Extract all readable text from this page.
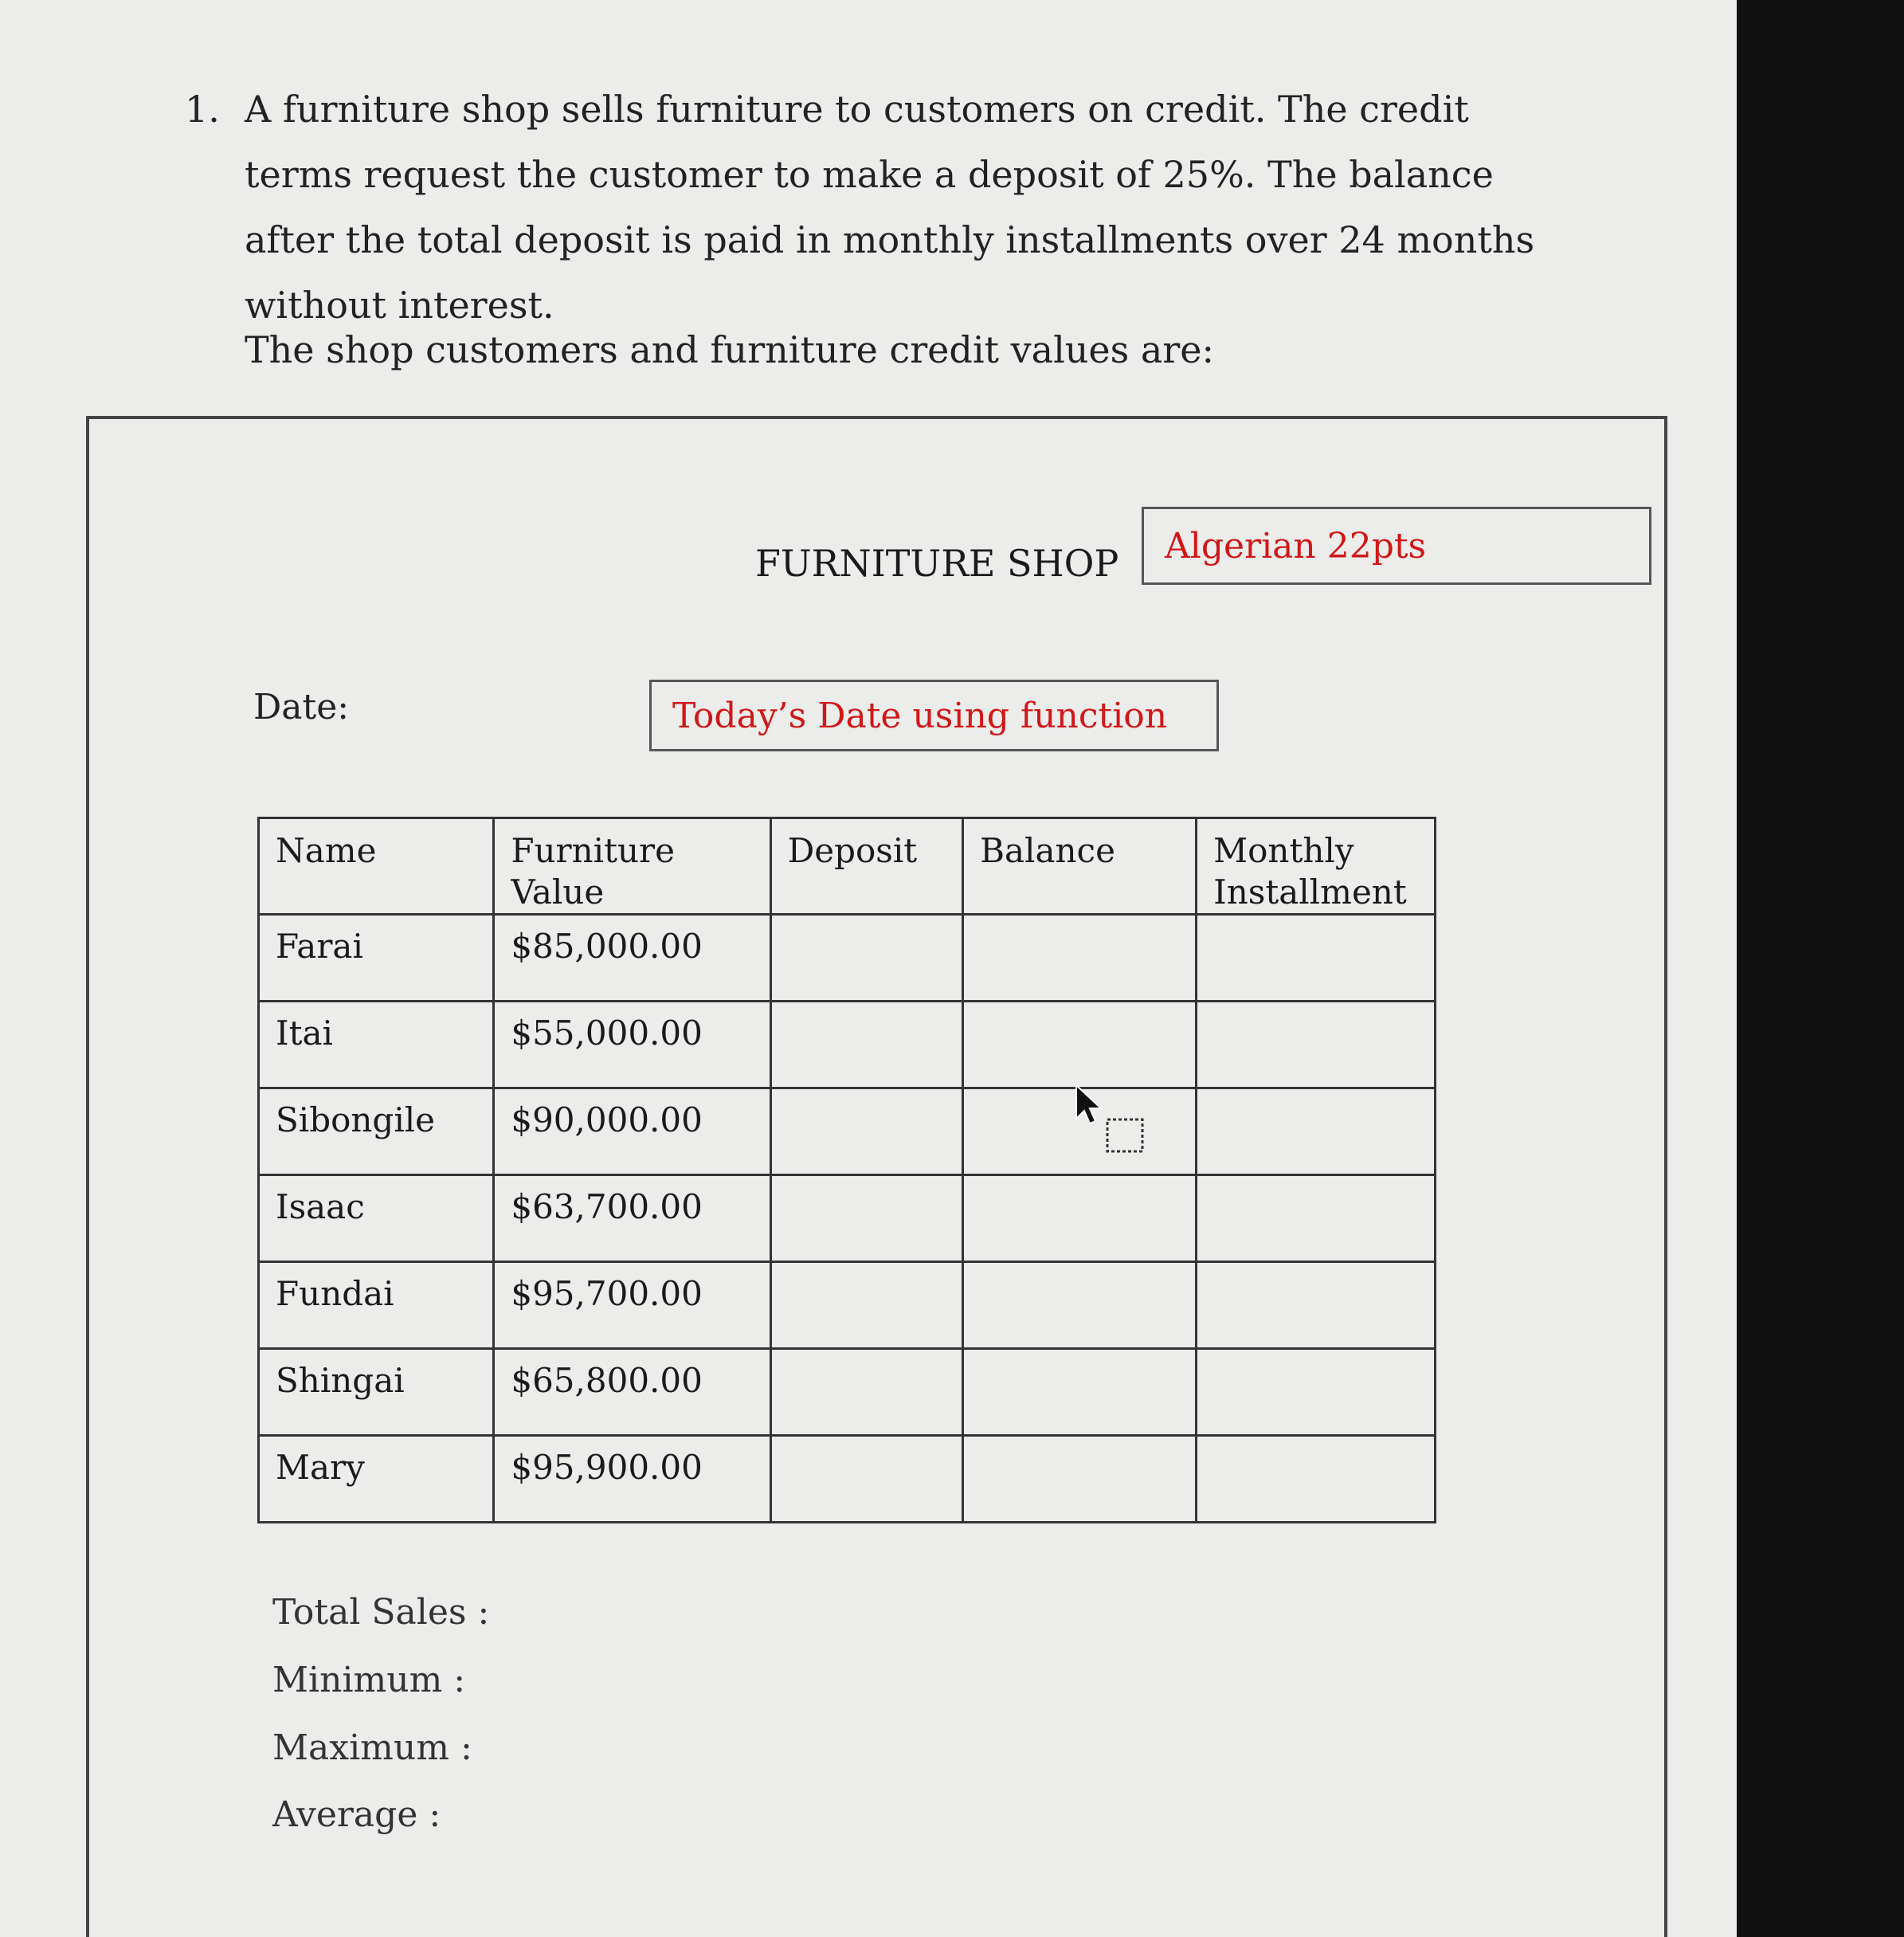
1. A furniture shop sells furniture to customers on credit. The credit terms request the customer to make a deposit of 25%. The balance after the total deposit is paid in monthly installments over 24 months without interest.
The shop customers and furniture credit values are:
FURNITURE SHOP Algerian 22pts
Date:	Today’s Date using function
Name	Furniture Value	Deposit	Balance	Monthly Installment
Farai	$85,000.00			
Itai	$55,000.00			
Sibongile	$90,000.00			
Isaac	$63,700.00			
Fundai	$95,700.00			
Shingai	$65,800.00			
Mary	$95,900.00			
Total Sales :
Minimum :
Maximum :
Average :
